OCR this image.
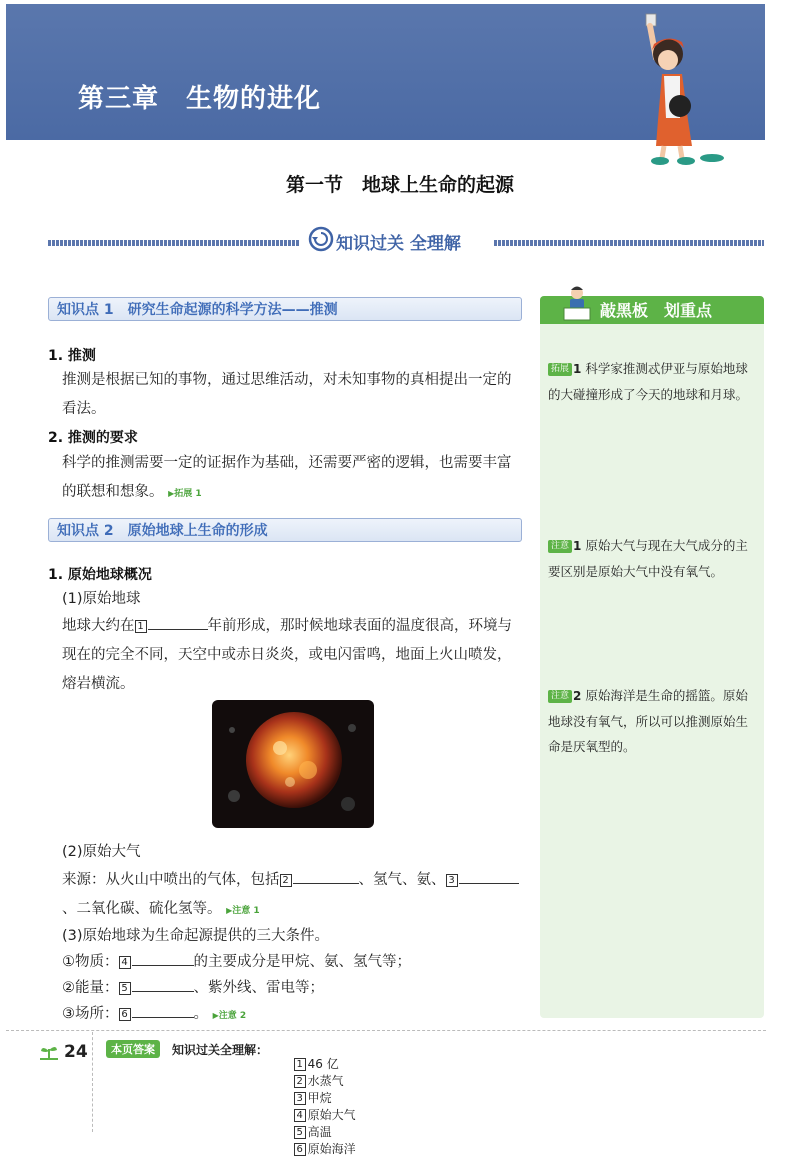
第三章　生物的进化
第一节　地球上生命的起源
知识过关 全理解
知识点 1　研究生命起源的科学方法——推测
1. 推测
推测是根据已知的事物，通过思维活动，对未知事物的真相提出一定的看法。
2. 推测的要求
科学的推测需要一定的证据作为基础，还需要严密的逻辑，也需要丰富的联想和想象。 ▶拓展 1
知识点 2　原始地球上生命的形成
1. 原始地球概况
(1)原始地球
地球大约在 1	年前形成，那时候地球表面的温度很高，环境与现在的完全不同，天空中或赤日炎炎，或电闪雷鸣，地面上火山喷发，熔岩横流。
(2)原始大气
来源：从火山中喷出的气体，包括 2	、氢气、氨、 3、二氧化碳、硫化氢等。 ▶注意 1
(3)原始地球为生命起源提供的三大条件。
①物质： 4	的主要成分是甲烷、氨、氢气等；
②能量： 5	、紫外线、雷电等；
③场所： 6	。 ▶注意 2
敲黑板　划重点
拓展 1 科学家推测忒伊亚与原始地球的大碰撞形成了今天的地球和月球。
注意 1 原始大气与现在大气成分的主要区别是原始大气中没有氧气。
注意 2 原始海洋是生命的摇篮。原始地球没有氧气，所以可以推测原始生命是厌氧型的。
24	本页答案	知识过关全理解：

1 46 亿
2 水蒸气
3 甲烷
4 原始大气
5 高温
6 原始海洋
